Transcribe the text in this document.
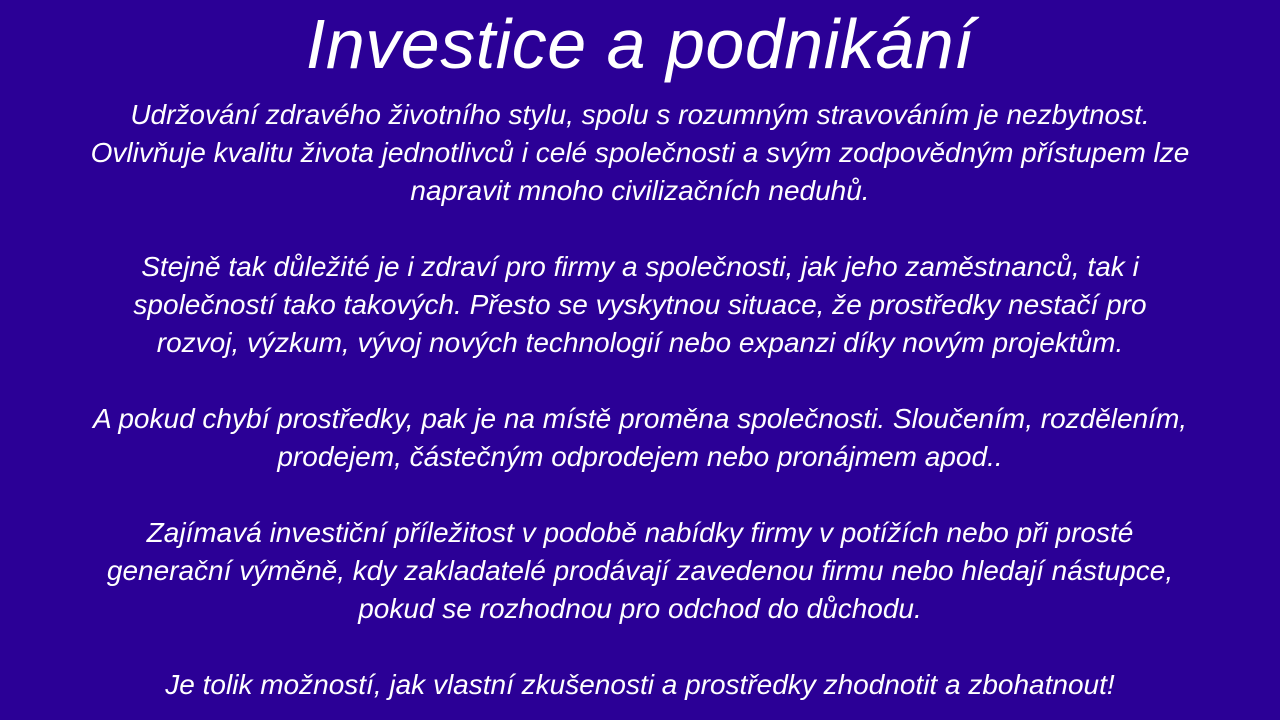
Investice a podnikání

Udržování zdravého životního stylu, spolu s rozumným stravováním je nezbytnost.
Ovlivňuje kvalitu života jednotlivců i celé společnosti a svým zodpovědným přístupem lze
napravit mnoho civilizačních neduhů.

Stejně tak důležité je i zdraví pro firmy a společnosti, jak jeho zaměstnanců, tak i
společností tako takových. Přesto se vyskytnou situace, že prostředky nestačí pro
rozvoj, výzkum, vývoj nových technologií nebo expanzi díky novým projektům.

A pokud chybí prostředky, pak je na místě proměna společnosti. Sloučením, rozdělením,
prodejem, částečným odprodejem nebo pronájmem apod..

Zajímavá investiční příležitost v podobě nabídky firmy v potížích nebo při prosté
generační výměně, kdy zakladatelé prodávají zavedenou firmu nebo hledají nástupce,
pokud se rozhodnou pro odchod do důchodu.

Je tolik možností, jak vlastní zkušenosti a prostředky zhodnotit a zbohatnout!
